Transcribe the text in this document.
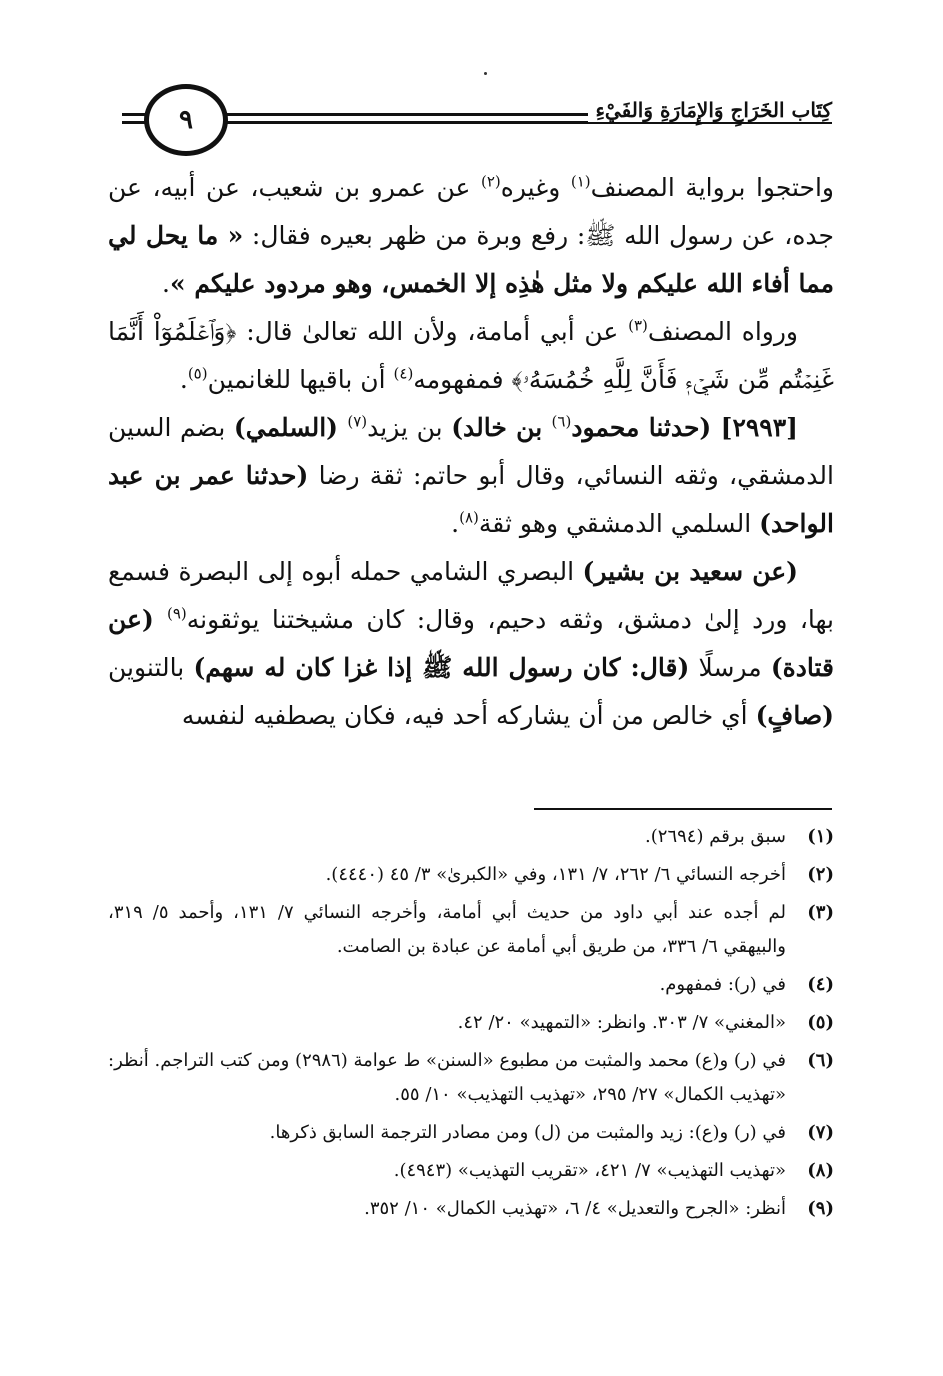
٩	كِتَاب الخَرَاجِ وَالإِمَارَةِ وَالفَيْءِ

واحتجوا برواية المصنف$^{(١)}$ وغيره$^{(٢)}$ عن عمرو بن شعيب، عن أبيه، عن جده، عن رسول الله ﷺ: رفع وبرة من ظهر بعيره فقال: « ما يحل لي مما أفاء الله عليكم ولا مثل هٰذِه إلا الخمس، وهو مردود عليكم ».

ورواه المصنف$^{(٣)}$ عن أبي أمامة، ولأن الله تعالىٰ قال: ﴿وَٱعۡلَمُوٓاْ أَنَّمَا غَنِمۡتُم مِّن شَيۡءٖ فَأَنَّ لِلَّهِ خُمُسَهُۥ﴾ فمفهومه$^{(٤)}$ أن باقيها للغانمين$^{(٥)}$.

[٢٩٩٣] (حدثنا محمود$^{(٦)}$ بن خالد) بن يزيد$^{(٧)}$ (السلمي) بضم السين الدمشقي، وثقه النسائي، وقال أبو حاتم: ثقة رضا (حدثنا عمر بن عبد الواحد) السلمي الدمشقي وهو ثقة$^{(٨)}$.

(عن سعيد بن بشير) البصري الشامي حمله أبوه إلى البصرة فسمع بها، ورد إلىٰ دمشق، وثقه دحيم، وقال: كان مشيختنا يوثقونه$^{(٩)}$ (عن قتادة) مرسلًا (قال: كان رسول الله ﷺ إذا غزا كان له سهم) بالتنوين (صافٍ) أي خالص من أن يشاركه أحد فيه، فكان يصطفيه لنفسه

(١)
سبق برقم (٢٦٩٤).
(٢)
أخرجه النسائي ٦/ ٢٦٢، ٧/ ١٣١، وفي «الكبرىٰ» ٣/ ٤٥ (٤٤٤٠).
(٣)
لم أجده عند أبي داود من حديث أبي أمامة، وأخرجه النسائي ٧/ ١٣١، وأحمد ٥/ ٣١٩، والبيهقي ٦/ ٣٣٦، من طريق أبي أمامة عن عبادة بن الصامت.
(٤)
في (ر): فمفهوم.
(٥)
«المغني» ٧/ ٣٠٣. وانظر: «التمهيد» ٢٠/ ٤٢.
(٦)
في (ر) و(ع) محمد والمثبت من مطبوع «السنن» ط عوامة (٢٩٨٦) ومن كتب التراجم. أنظر: «تهذيب الكمال» ٢٧/ ٢٩٥، «تهذيب التهذيب» ١٠/ ٥٥.
(٧)
في (ر) و(ع): زيد والمثبت من (ل) ومن مصادر الترجمة السابق ذكرها.
(٨)
«تهذيب التهذيب» ٧/ ٤٢١، «تقريب التهذيب» (٤٩٤٣).
(٩)
أنظر: «الجرح والتعديل» ٤/ ٦، «تهذيب الكمال» ١٠/ ٣٥٢.
